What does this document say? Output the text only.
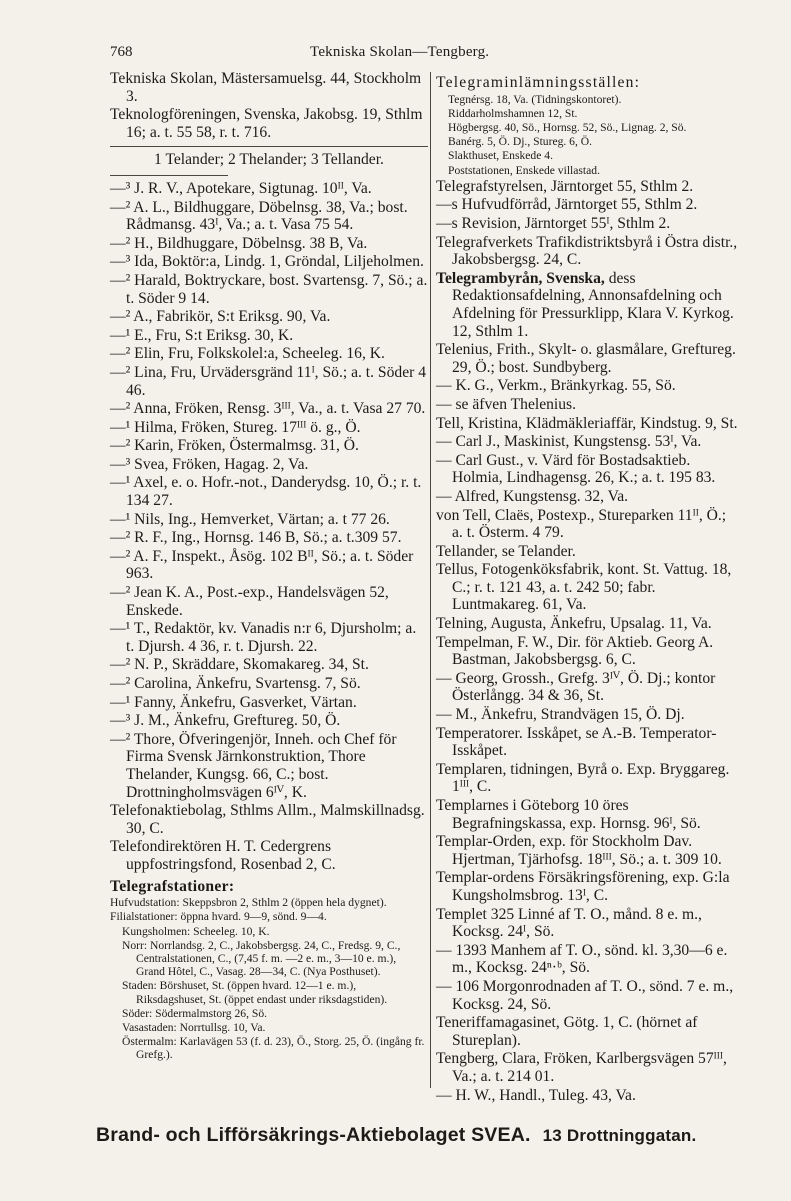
768	Tekniska Skolan—Tengberg.
Tekniska Skolan, Mästersamuelsg. 44, Stockholm 3.
Teknologföreningen, Svenska, Jakobsg. 19, Sthlm 16; a. t. 55 58, r. t. 716.
1 Telander; 2 Thelander; 3 Tellander.
—³ J. R. V., Apotekare, Sigtunag. 10ᴵᴵ, Va.
—² A. L., Bildhuggare, Döbelnsg. 38, Va.; bost. Rådmansg. 43ᴵ, Va.; a. t. Vasa 75 54.
—² H., Bildhuggare, Döbelnsg. 38 B, Va.
—³ Ida, Boktör:a, Lindg. 1, Gröndal, Liljeholmen.
—² Harald, Boktryckare, bost. Svartensg. 7, Sö.; a. t. Söder 9 14.
—² A., Fabrikör, S:t Eriksg. 90, Va.
—¹ E., Fru, S:t Eriksg. 30, K.
—² Elin, Fru, Folkskolel:a, Scheeleg. 16, K.
—² Lina, Fru, Urvädersgränd 11ᴵ, Sö.; a. t. Söder 4 46.
—² Anna, Fröken, Rensg. 3ᴵᴵᴵ, Va., a. t. Vasa 27 70.
—¹ Hilma, Fröken, Stureg. 17ᴵᴵᴵ ö. g., Ö.
—² Karin, Fröken, Östermalmsg. 31, Ö.
—³ Svea, Fröken, Hagag. 2, Va.
—¹ Axel, e. o. Hofr.-not., Danderydsg. 10, Ö.; r. t. 134 27.
—¹ Nils, Ing., Hemverket, Värtan; a. t 77 26.
—² R. F., Ing., Hornsg. 146 B, Sö.; a. t.309 57.
—² A. F., Inspekt., Åsög. 102 Bᴵᴵ, Sö.; a. t. Söder 963.
—² Jean K. A., Post.-exp., Handelsvägen 52, Enskede.
—¹ T., Redaktör, kv. Vanadis n:r 6, Djursholm; a. t. Djursh. 4 36, r. t. Djursh. 22.
—² N. P., Skräddare, Skomakareg. 34, St.
—² Carolina, Änkefru, Svartensg. 7, Sö.
—¹ Fanny, Änkefru, Gasverket, Värtan.
—³ J. M., Änkefru, Greftureg. 50, Ö.
—² Thore, Öfveringenjör, Inneh. och Chef för Firma Svensk Järnkonstruktion, Thore Thelander, Kungsg. 66, C.; bost. Drottningholmsvägen 6ᴵⱽ, K.
Telefonaktiebolag, Sthlms Allm., Malmskillnadsg. 30, C.
Telefondirektören H. T. Cedergrens uppfostringsfond, Rosenbad 2, C.
Telegrafstationer:
Hufvudstation: Skeppsbron 2, Sthlm 2 (öppen hela dygnet).
Filialstationer: öppna hvard. 9—9, sönd. 9—4.
Kungsholmen: Scheeleg. 10, K.
Norr: Norrlandsg. 2, C., Jakobsbergsg. 24, C., Fredsg. 9, C., Centralstationen, C., (7,45 f. m. —2 e. m., 3—10 e. m.), Grand Hôtel, C., Vasag. 28—34, C. (Nya Posthuset).
Staden: Börshuset, St. (öppen hvard. 12—1 e. m.), Riksdagshuset, St. (öppet endast under riksdagstiden).
Söder: Södermalmstorg 26, Sö.
Vasastaden: Norrtullsg. 10, Va.
Östermalm: Karlavägen 53 (f. d. 23), Ö., Storg. 25, Ö. (ingång fr. Grefg.).
Telegraminlämningsställen:
Tegnérsg. 18, Va. (Tidningskontoret).
Riddarholmshamnen 12, St.
Högbergsg. 40, Sö., Hornsg. 52, Sö., Lignag. 2, Sö.
Banérg. 5, Ö. Dj., Stureg. 6, Ö.
Slakthuset, Enskede 4.
Poststationen, Enskede villastad.
Telegrafstyrelsen, Järntorget 55, Sthlm 2.
—s Hufvudförråd, Järntorget 55, Sthlm 2.
—s Revision, Järntorget 55ᴵ, Sthlm 2.
Telegrafverkets Trafikdistriktsbyrå i Östra distr., Jakobsbergsg. 24, C.
Telegrambyrån, Svenska, dess Redaktionsafdelning, Annonsafdelning och Afdelning för Pressurklipp, Klara V. Kyrkog. 12, Sthlm 1.
Telenius, Frith., Skylt- o. glasmålare, Greftureg. 29, Ö.; bost. Sundbyberg.
— K. G., Verkm., Bränkyrkag. 55, Sö.
— se äfven Thelenius.
Tell, Kristina, Klädmäkleriaffär, Kindstug. 9, St.
— Carl J., Maskinist, Kungstensg. 53ᴵ, Va.
— Carl Gust., v. Värd för Bostadsaktieb. Holmia, Lindhagensg. 26, K.; a. t. 195 83.
— Alfred, Kungstensg. 32, Va.
von Tell, Claës, Postexp., Stureparken 11ᴵᴵ, Ö.; a. t. Österm. 4 79.
Tellander, se Telander.
Tellus, Fotogenköksfabrik, kont. St. Vattug. 18, C.; r. t. 121 43, a. t. 242 50; fabr. Luntmakareg. 61, Va.
Telning, Augusta, Änkefru, Upsalag. 11, Va.
Tempelman, F. W., Dir. för Aktieb. Georg A. Bastman, Jakobsbergsg. 6, C.
— Georg, Grossh., Grefg. 3ᴵⱽ, Ö. Dj.; kontor Österlångg. 34 & 36, St.
— M., Änkefru, Strandvägen 15, Ö. Dj.
Temperatorer. Isskåpet, se A.-B. Temperator-Isskåpet.
Templaren, tidningen, Byrå o. Exp. Bryggareg. 1ᴵᴵᴵ, C.
Templarnes i Göteborg 10 öres Begrafningskassa, exp. Hornsg. 96ᴵ, Sö.
Templar-Orden, exp. för Stockholm Dav. Hjertman, Tjärhofsg. 18ᴵᴵᴵ, Sö.; a. t. 309 10.
Templar-ordens Försäkringsförening, exp. G:la Kungsholmsbrog. 13ᴵ, C.
Templet 325 Linné af T. O., månd. 8 e. m., Kocksg. 24ᴵ, Sö.
— 1393 Manhem af T. O., sönd. kl. 3,30—6 e. m., Kocksg. 24ⁿ·ᵇ, Sö.
— 106 Morgonrodnaden af T. O., sönd. 7 e. m., Kocksg. 24, Sö.
Teneriffamagasinet, Götg. 1, C. (hörnet af Stureplan).
Tengberg, Clara, Fröken, Karlbergsvägen 57ᴵᴵᴵ, Va.; a. t. 214 01.
— H. W., Handl., Tuleg. 43, Va.
Brand- och Lifförsäkrings-Aktiebolaget SVEA. 13 Drottninggatan.
